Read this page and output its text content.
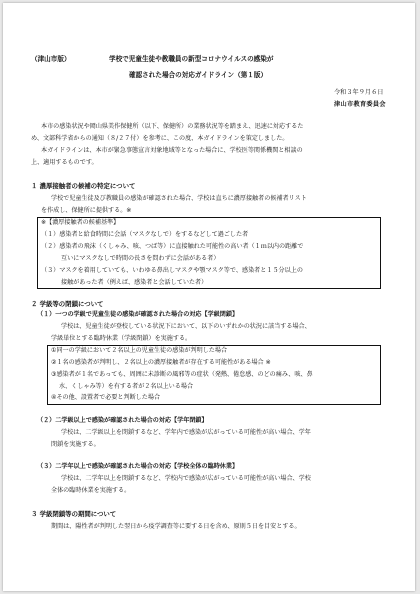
（津山市版）	学校で児童生徒や教職員の新型コロナウイルスの感染が
確認された場合の対応ガイドライン（第１版）
令和３年９月６日
津山市教育委員会
本市の感染状況や岡山県美作保健所（以下、保健所）の業務状況等を踏まえ、迅速に対応するた
め、文部科学省からの通知（８/２７付）を参考に、この度、本ガイドラインを策定しました。
本ガイドラインは、本市が緊急事態宣言対象地域等となった場合に、学校医等関係機関と相談の
上、適用するものです。
１ 濃厚接触者の候補の特定について
学校で児童生徒及び教職員の感染が確認された場合、学校は直ちに濃厚接触者の候補者リスト
を作成し、保健所に提供する。※
※【濃厚接触者の候補基準】
（１）感染者と給食時間に会話（マスクなしで）をするなどして過ごした者
（２）感染者の飛沫（くしゃみ、咳、つば等）に直接触れた可能性の高い者（１ｍ以内の距離で
互いにマスクなしで時間の長さを問わずに会話がある者）
（３）マスクを着用していても、いわゆる鼻出しマスクや顎マスク等で、感染者と１５分以上の
接触があった者（例えば、感染者と会話していた者）
２ 学級等の閉鎖について
（１）一つの学級で児童生徒の感染が確認された場合の対応【学級閉鎖】
学校は、児童生徒が登校している状況下において、以下のいずれかの状況に該当する場合、
学級単位とする臨時休業（学級閉鎖）を実施する。
①同一の学級において２名以上の児童生徒の感染が判明した場合
②１名の感染者が判明し、２名以上の濃厚接触者が存在する可能性がある場合 ※
③感染者が１名であっても、周囲に未診断の風邪等の症状（発熱、倦怠感、のどの痛み、咳、鼻
水、くしゃみ等）を有する者が２名以上いる場合
④その他、設置者で必要と判断した場合
（２）二学級以上で感染が確認された場合の対応【学年閉鎖】
学校は、二学級以上を閉鎖するなど、学年内で感染が広がっている可能性が高い場合、学年
閉鎖を実施する。
（３）二学年以上で感染が確認された場合の対応【学校全体の臨時休業】
学校は、二学年以上を閉鎖するなど、学校内で感染が広がっている可能性が高い場合、学校
全体の臨時休業を実施する。
３ 学級閉鎖等の期間について
期間は、陽性者が判明した翌日から疫学調査等に要する日を含め、原則５日を目安とする。
